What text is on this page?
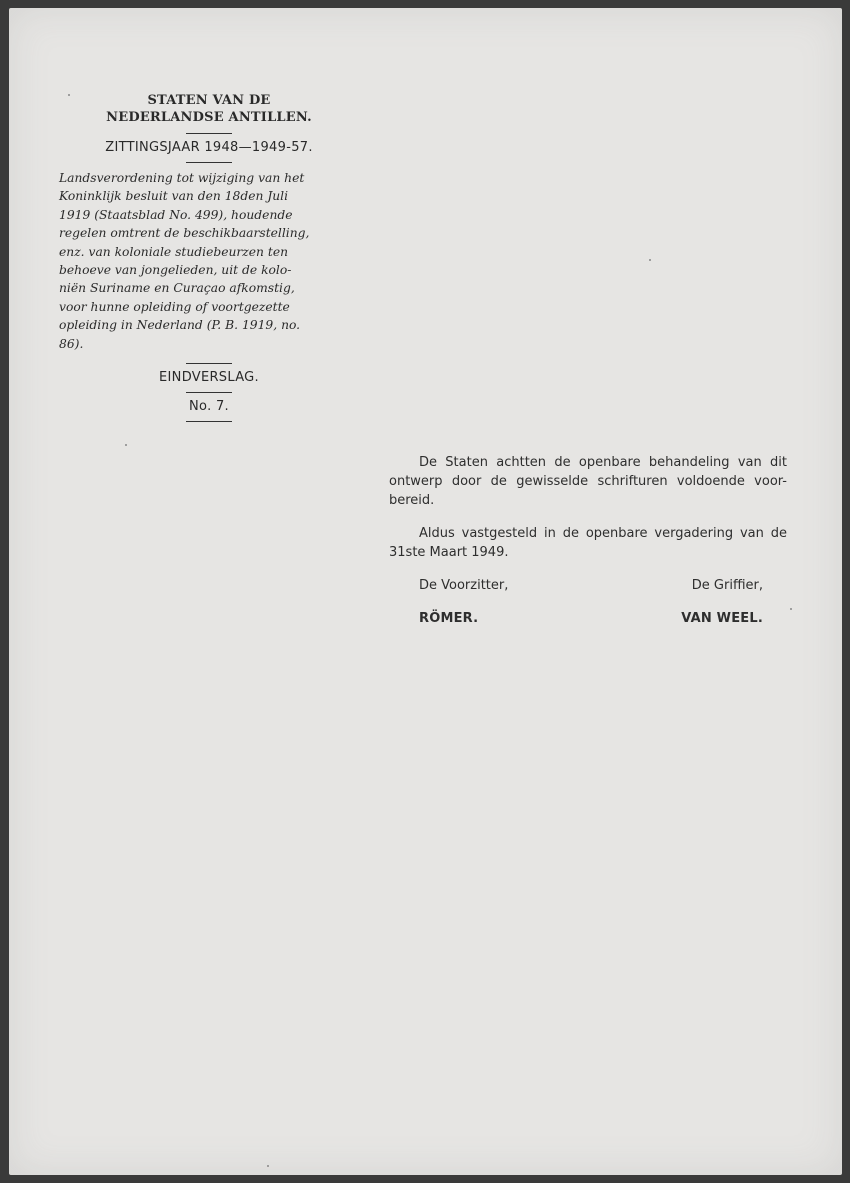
STATEN VAN DE
NEDERLANDSE ANTILLEN.
ZITTINGSJAAR 1948—1949-57.
Landsverordening tot wijziging van het
Koninklijk besluit van den 18den Juli
1919 (Staatsblad No. 499), houdende
regelen omtrent de beschikbaarstelling,
enz. van koloniale studiebeurzen ten
behoeve van jongelieden, uit de kolo-
niën Suriname en Curaçao afkomstig,
voor hunne opleiding of voortgezette
opleiding in Nederland (P. B. 1919, no.
86).
EINDVERSLAG.
No. 7.

De Staten achtten de openbare behandeling van dit ontwerp door de gewisselde schrifturen voldoende voor-bereid.

Aldus vastgesteld in de openbare vergadering van de 31ste Maart 1949.

De Voorzitter,
RÖMER.
De Griffier,
VAN WEEL.
